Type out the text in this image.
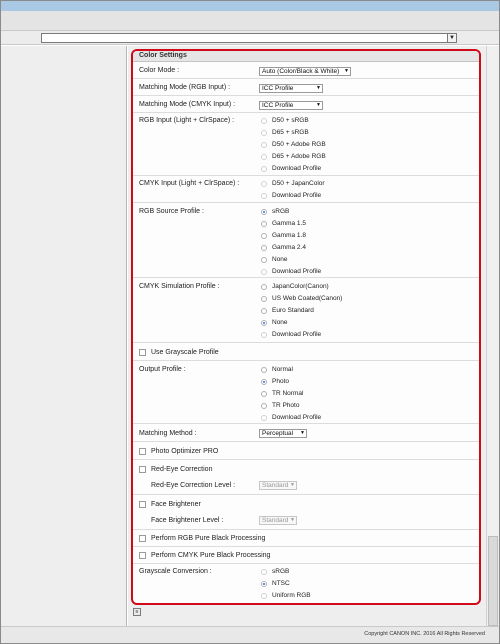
▼
Color Settings
Color Mode :	Auto (Color/Black & White) ▼
Matching Mode (RGB Input) :	ICC Profile	▼
Matching Mode (CMYK Input) :	ICC Profile	▼
RGB Input (Light + ClrSpace) :	D50 + sRGB
D65 + sRGB
D50 + Adobe RGB
D65 + Adobe RGB
Download Profile
CMYK Input (Light + ClrSpace) :	D50 + JapanColor
Download Profile
RGB Source Profile :	sRGB
Gamma 1.5
Gamma 1.8
Gamma 2.4
None
Download Profile
CMYK Simulation Profile :	JapanColor(Canon)
US Web Coated(Canon)
Euro Standard
None
Download Profile
Use Grayscale Profile
Output Profile :	Normal
Photo
TR Normal
TR Photo
Download Profile
Matching Method :	Perceptual ▼
Photo Optimizer PRO
Red-Eye Correction
Red-Eye Correction Level :	Standard ▼
Face Brightener
Face Brightener Level :	Standard ▼
Perform RGB Pure Black Processing
Perform CMYK Pure Black Processing
Grayscale Conversion :	sRGB
NTSC
Uniform RGB
≡
Copyright CANON INC. 2016 All Rights Reserved
